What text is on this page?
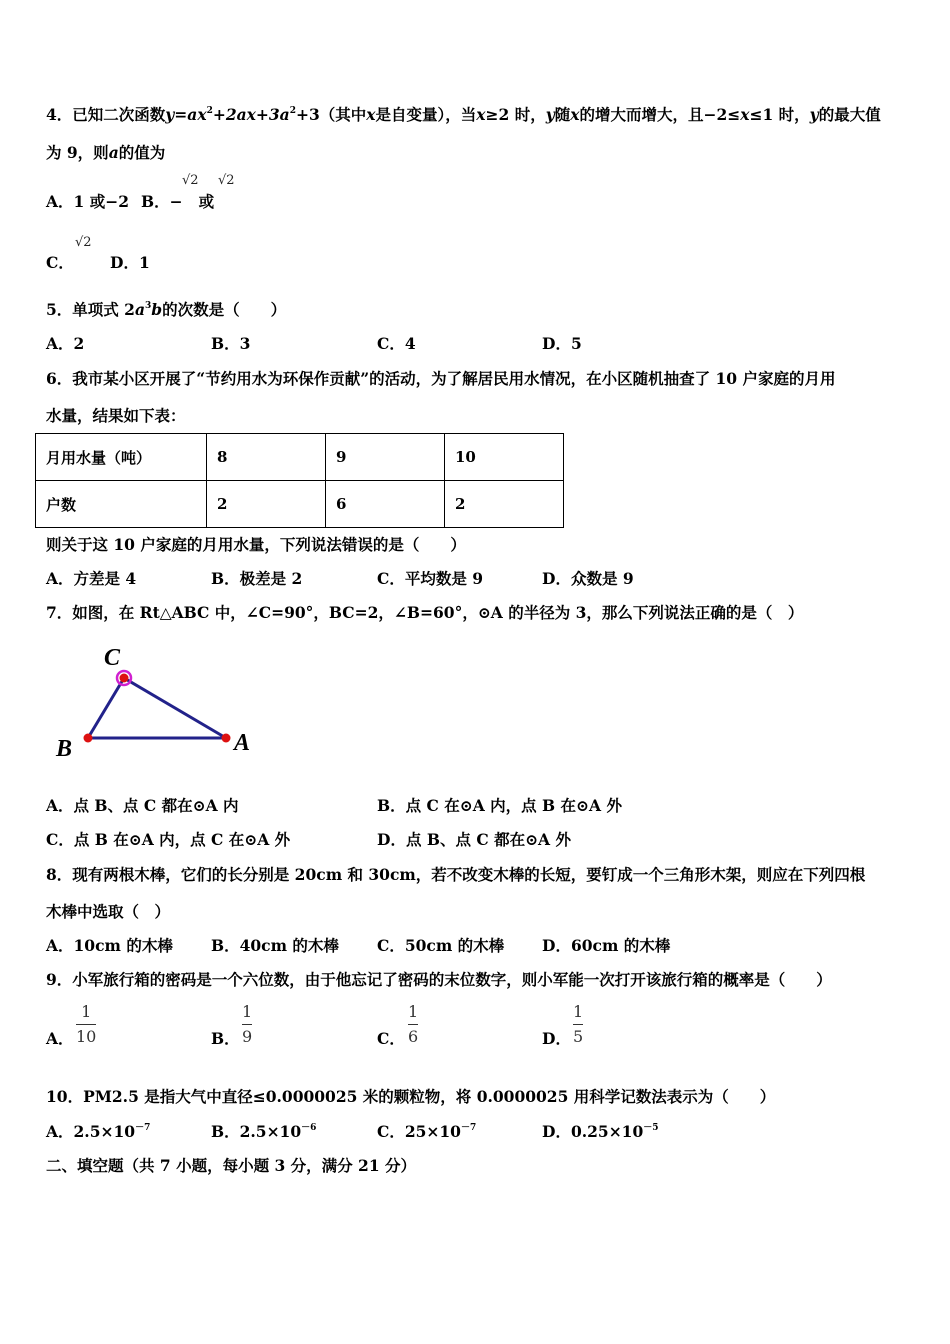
4．已知二次函数$y=ax^2+2ax+3a^2+3$（其中x是自变量），当x≥2 时，y随x的增大而增大，且−2≤x≤1 时，y的最大值
为 9，则a的值为
A．1 或−2 B．− 或
√2 √2
C．
√2
D．1
5．单项式 $2a^3b$的次数是（　　）
A．2	B．3	C．4	D．5
6．我市某小区开展了“节约用水为环保作贡献”的活动，为了解居民用水情况，在小区随机抽查了 10 户家庭的月用
水量，结果如下表：
月用水量（吨）	8	9	10
户数	2	6	2
则关于这 10 户家庭的月用水量，下列说法错误的是（　　）
A．方差是 4	B．极差是 2	C．平均数是 9	D．众数是 9
7．如图，在 Rt△ABC 中，∠C=90°，BC=2，∠B=60°，⊙A 的半径为 3，那么下列说法正确的是（　）
C
B	A
A．点 B、点 C 都在⊙A 内	B．点 C 在⊙A 内，点 B 在⊙A 外
C．点 B 在⊙A 内，点 C 在⊙A 外	D．点 B、点 C 都在⊙A 外
8．现有两根木棒，它们的长分别是 20cm 和 30cm，若不改变木棒的长短，要钉成一个三角形木架，则应在下列四根
木棒中选取（　）
A．10cm 的木棒 B．40cm 的木棒 C．50cm 的木棒 D．60cm 的木棒
9．小军旅行箱的密码是一个六位数，由于他忘记了密码的末位数字，则小军能一次打开该旅行箱的概率是（　　）
A．
1
10	B．
1
9	C．
1
6	D．
1
5
10．PM2.5 是指大气中直径≤0.0000025 米的颗粒物，将 0.0000025 用科学记数法表示为（　　）
A．$2.5\times 10^{-7}$	B．$2.5\times 10^{-6}$	C．$25\times 10^{-7}$	D．$0.25\times 10^{-5}$
二、填空题（共 7 小题，每小题 3 分，满分 21 分）
